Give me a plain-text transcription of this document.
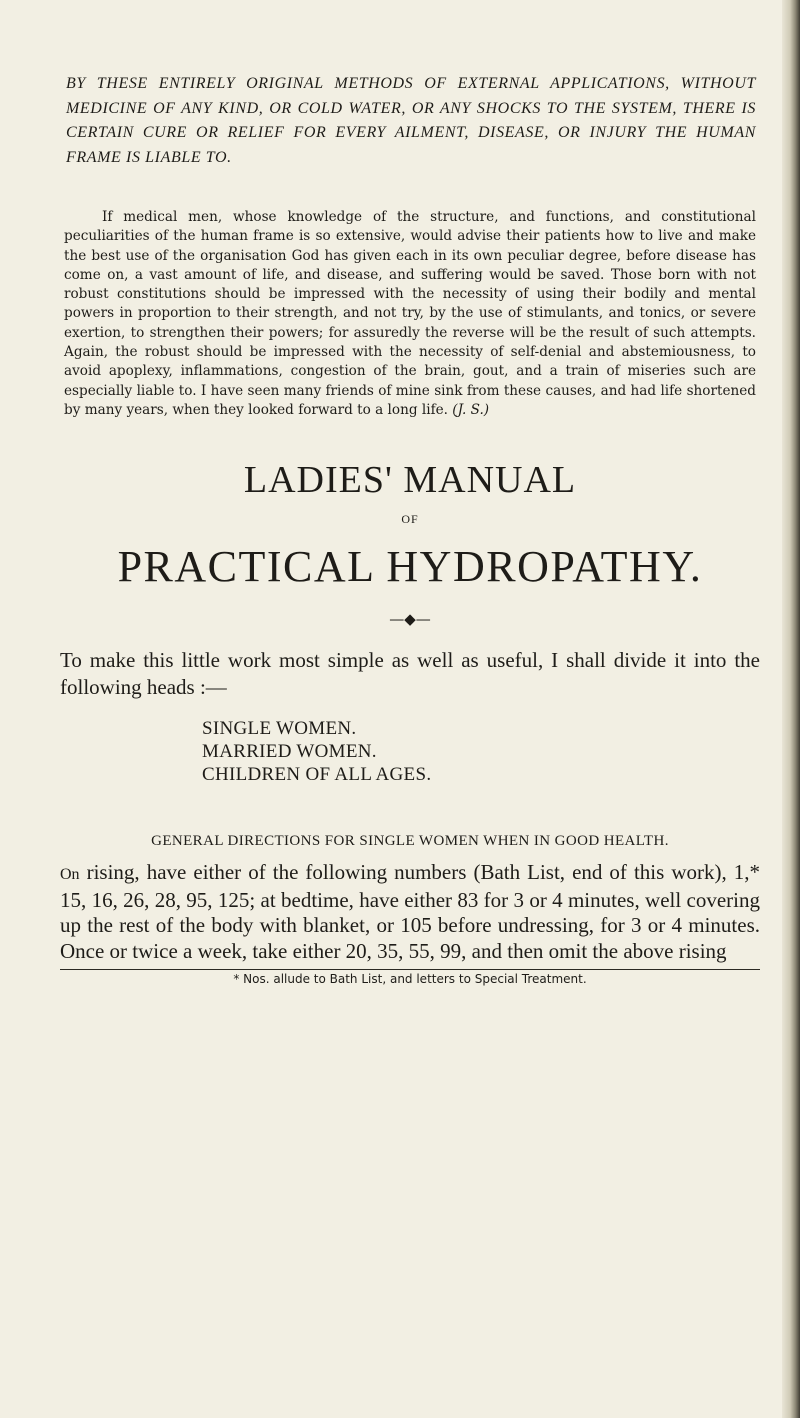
BY THESE ENTIRELY ORIGINAL METHODS OF EXTERNAL APPLICATIONS, WITHOUT MEDICINE OF ANY KIND, OR COLD WATER, OR ANY SHOCKS TO THE SYSTEM, THERE IS CERTAIN CURE OR RELIEF FOR EVERY AILMENT, DISEASE, OR INJURY THE HUMAN FRAME IS LIABLE TO.

If medical men, whose knowledge of the structure, and functions, and constitutional peculiarities of the human frame is so extensive, would advise their patients how to live and make the best use of the organisation God has given each in its own peculiar degree, before disease has come on, a vast amount of life, and disease, and suffering would be saved. Those born with not robust constitutions should be impressed with the necessity of using their bodily and mental powers in proportion to their strength, and not try, by the use of stimulants, and tonics, or severe exertion, to strengthen their powers; for assuredly the reverse will be the result of such attempts. Again, the robust should be impressed with the necessity of self-denial and abstemiousness, to avoid apoplexy, inflammations, congestion of the brain, gout, and a train of miseries such are especially liable to. I have seen many friends of mine sink from these causes, and had life shortened by many years, when they looked forward to a long life. (J. S.)

LADIES' MANUAL
OF
PRACTICAL HYDROPATHY.
—◆—

To make this little work most simple as well as useful, I shall divide it into the following heads :—

SINGLE WOMEN.
MARRIED WOMEN.
CHILDREN OF ALL AGES.
GENERAL DIRECTIONS FOR SINGLE WOMEN WHEN IN GOOD HEALTH.

On rising, have either of the following numbers (Bath List, end of this work), 1,* 15, 16, 26, 28, 95, 125; at bedtime, have either 83 for 3 or 4 minutes, well covering up the rest of the body with blanket, or 105 before undressing, for 3 or 4 minutes. Once or twice a week, take either 20, 35, 55, 99, and then omit the above rising

* Nos. allude to Bath List, and letters to Special Treatment.
